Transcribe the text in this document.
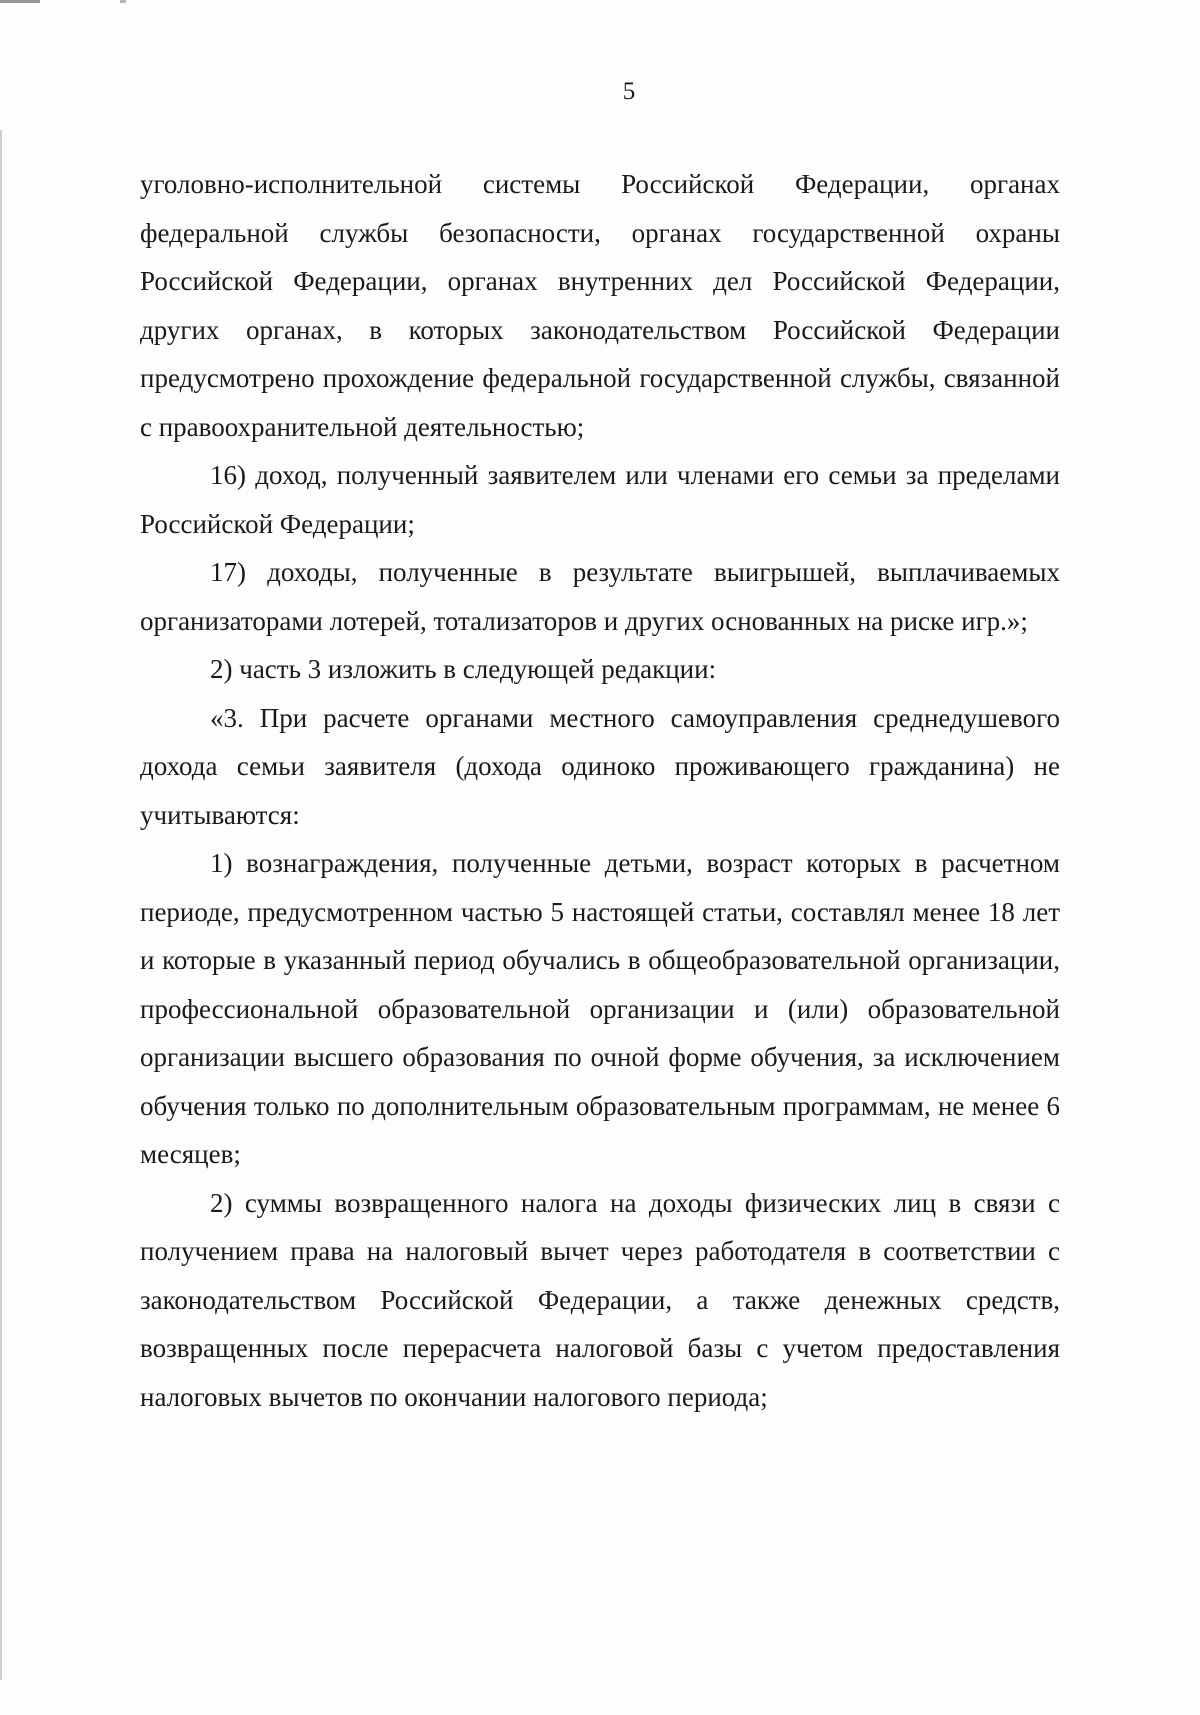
5

уголовно-исполнительной системы Российской Федерации, органах федеральной службы безопасности, органах государственной охраны Российской Федерации, органах внутренних дел Российской Федерации, других органах, в которых законодательством Российской Федерации предусмотрено прохождение федеральной государственной службы, связанной с правоохранительной деятельностью;

16) доход, полученный заявителем или членами его семьи за пределами Российской Федерации;

17) доходы, полученные в результате выигрышей, выплачиваемых организаторами лотерей, тотализаторов и других основанных на риске игр.»;

2) часть 3 изложить в следующей редакции:

«3. При расчете органами местного самоуправления среднедушевого дохода семьи заявителя (дохода одиноко проживающего гражданина) не учитываются:

1) вознаграждения, полученные детьми, возраст которых в расчетном периоде, предусмотренном частью 5 настоящей статьи, составлял менее 18 лет и которые в указанный период обучались в общеобразовательной организации, профессиональной образовательной организации и (или) образовательной организации высшего образования по очной форме обучения, за исключением обучения только по дополнительным образовательным программам, не менее 6 месяцев;

2) суммы возвращенного налога на доходы физических лиц в связи с получением права на налоговый вычет через работодателя в соответствии с законодательством Российской Федерации, а также денежных средств, возвращенных после перерасчета налоговой базы с учетом предоставления налоговых вычетов по окончании налогового периода;
